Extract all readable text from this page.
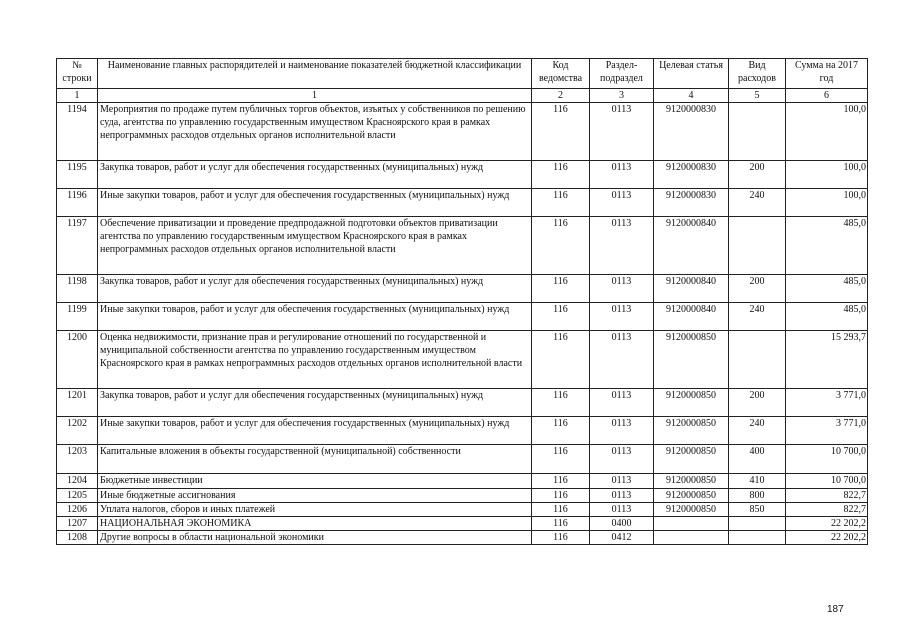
№ строки	Наименование главных распорядителей и наименование показателей бюджетной классификации	Код ведомства	Раздел-подраздел	Целевая статья	Вид расходов	Сумма на 2017 год
1	1	2	3	4	5	6
1194	Мероприятия по продаже путем публичных торгов объектов, изъятых у собственников по решению суда, агентства по управлению государственным имуществом Красноярского края в рамках непрограммных расходов отдельных органов исполнительной власти	116	0113	9120000830		100,0
1195	Закупка товаров, работ и услуг для обеспечения государственных (муниципальных) нужд	116	0113	9120000830	200	100,0
1196	Иные закупки товаров, работ и услуг для обеспечения государственных (муниципальных) нужд	116	0113	9120000830	240	100,0
1197	Обеспечение приватизации и проведение предпродажной подготовки объектов приватизации агентства по управлению государственным имуществом Красноярского края в рамках непрограммных расходов отдельных органов исполнительной власти	116	0113	9120000840		485,0
1198	Закупка товаров, работ и услуг для обеспечения государственных (муниципальных) нужд	116	0113	9120000840	200	485,0
1199	Иные закупки товаров, работ и услуг для обеспечения государственных (муниципальных) нужд	116	0113	9120000840	240	485,0
1200	Оценка недвижимости, признание прав и регулирование отношений по государственной и муниципальной собственности агентства по управлению государственным имуществом Красноярского края в рамках непрограммных расходов отдельных органов исполнительной власти	116	0113	9120000850		15 293,7
1201	Закупка товаров, работ и услуг для обеспечения государственных (муниципальных) нужд	116	0113	9120000850	200	3 771,0
1202	Иные закупки товаров, работ и услуг для обеспечения государственных (муниципальных) нужд	116	0113	9120000850	240	3 771,0
1203	Капитальные вложения в объекты государственной (муниципальной) собственности	116	0113	9120000850	400	10 700,0
1204	Бюджетные инвестиции	116	0113	9120000850	410	10 700,0
1205	Иные бюджетные ассигнования	116	0113	9120000850	800	822,7
1206	Уплата налогов, сборов и иных платежей	116	0113	9120000850	850	822,7
1207	НАЦИОНАЛЬНАЯ ЭКОНОМИКА	116	0400			22 202,2
1208	Другие вопросы в области национальной экономики	116	0412			22 202,2
187
